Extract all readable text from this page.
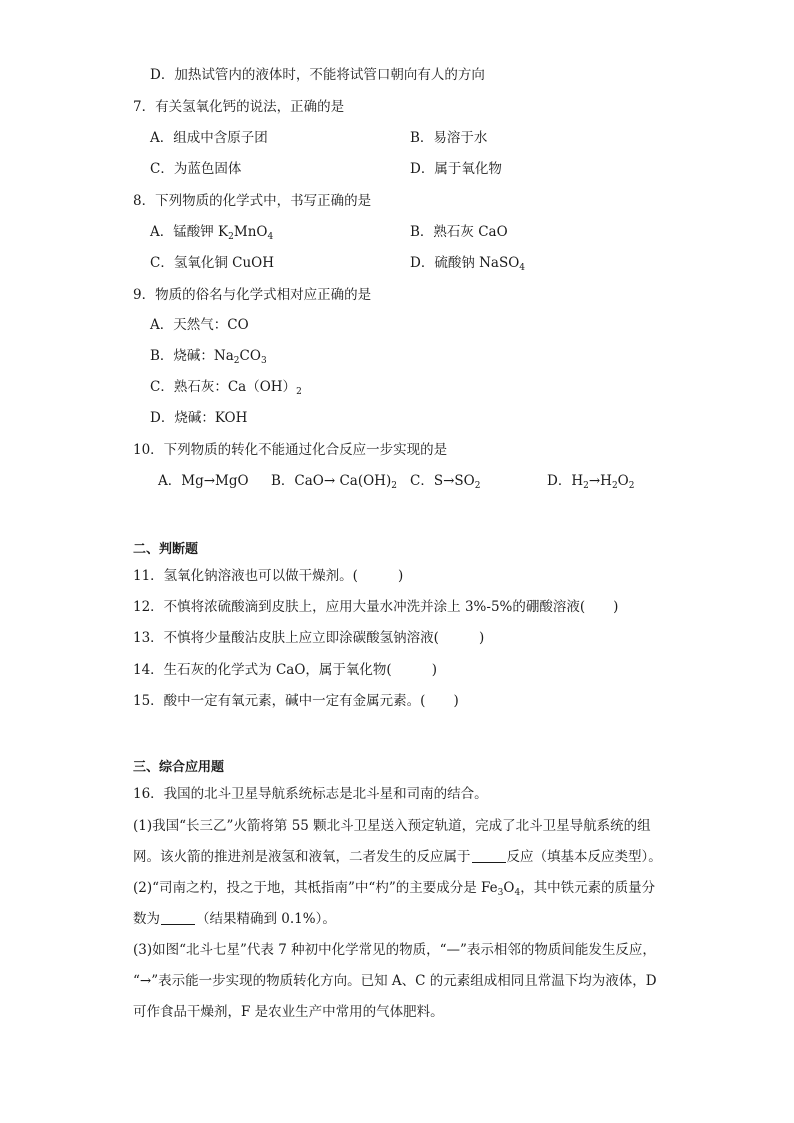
D．加热试管内的液体时，不能将试管口朝向有人的方向
7．有关氢氧化钙的说法，正确的是
A．组成中含原子团	B．易溶于水
C．为蓝色固体	D．属于氧化物
8．下列物质的化学式中，书写正确的是
A．锰酸钾 $K_2MnO_4$	B．熟石灰 CaO
C．氢氧化铜 CuOH	D．硫酸钠 NaSO$_4$
9．物质的俗名与化学式相对应正确的是
A．天然气：CO
B．烧碱：$Na_2CO_3$
C．熟石灰：$Ca(OH)_2$
D．烧碱：KOH
10．下列物质的转化不能通过化合反应一步实现的是
A．Mg→MgO B．$CaO\to Ca(OH)_2$ C．$S\to SO_2$	D．$H_2\to H_2O_2$
二、判断题
11．氢氧化钠溶液也可以做干燥剂。(	)
12．不慎将浓硫酸滴到皮肤上，应用大量水冲洗并涂上 3%-5%的硼酸溶液( )
13．不慎将少量酸沾皮肤上应立即涂碳酸氢钠溶液(	)
14．生石灰的化学式为 CaO，属于氧化物(	)
15．酸中一定有氧元素，碱中一定有金属元素。( )
三、综合应用题
16．我国的北斗卫星导航系统标志是北斗星和司南的结合。
(1)我国“长三乙”火箭将第 55 颗北斗卫星送入预定轨道，完成了北斗卫星导航系统的组
网。该火箭的推进剂是液氢和液氧，二者发生的反应属于	反应（填基本反应类型）。
(2)“司南之杓，投之于地，其柢指南”中“杓”的主要成分是 $Fe_3O_4$，其中铁元素的质量分
数为	（结果精确到 0.1%）。
(3)如图“北斗七星”代表 7 种初中化学常见的物质，“—”表示相邻的物质间能发生反应，
“→”表示能一步实现的物质转化方向。已知 A、C 的元素组成相同且常温下均为液体，D
可作食品干燥剂，F 是农业生产中常用的气体肥料。
